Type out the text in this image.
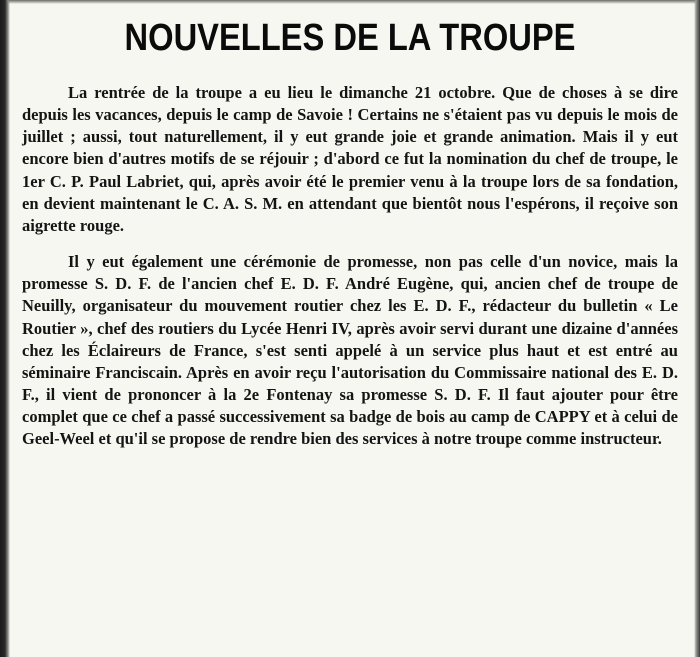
NOUVELLES DE LA TROUPE

La rentrée de la troupe a eu lieu le dimanche 21 octobre. Que de choses à se dire depuis les vacances, depuis le camp de Savoie ! Certains ne s'étaient pas vu depuis le mois de juillet ; aussi, tout naturellement, il y eut grande joie et grande animation. Mais il y eut encore bien d'autres motifs de se réjouir ; d'abord ce fut la nomination du chef de troupe, le 1er C. P. Paul Labriet, qui, après avoir été le premier venu à la troupe lors de sa fondation, en devient maintenant le C. A. S. M. en attendant que bientôt nous l'espérons, il reçoive son aigrette rouge.

Il y eut également une cérémonie de promesse, non pas celle d'un novice, mais la promesse S. D. F. de l'ancien chef E. D. F. André Eugène, qui, ancien chef de troupe de Neuilly, organisateur du mouvement routier chez les E. D. F., rédacteur du bulletin « Le Routier », chef des routiers du Lycée Henri IV, après avoir servi durant une dizaine d'années chez les Éclaireurs de France, s'est senti appelé à un service plus haut et est entré au séminaire Franciscain. Après en avoir reçu l'autorisation du Commissaire national des E. D. F., il vient de prononcer à la 2e Fontenay sa promesse S. D. F. Il faut ajouter pour être complet que ce chef a passé successivement sa badge de bois au camp de CAPPY et à celui de Geel-Weel et qu'il se propose de rendre bien des services à notre troupe comme instructeur.
